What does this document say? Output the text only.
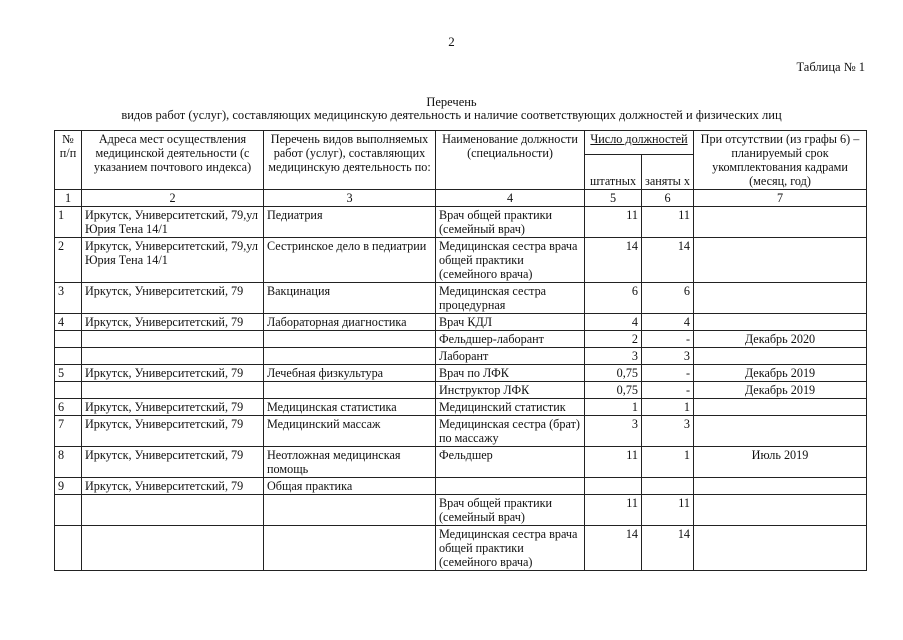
2
Таблица № 1
Перечень
видов работ (услуг), составляющих медицинскую деятельность и наличие соответствующих должностей и физических лиц
№ п/п	Адреса мест осуществления медицинской деятельности (с указанием почтового индекса)	Перечень видов выполняемых работ (услуг), составляющих медицинскую деятельность по:	Наименование должности (специальности)	Число должностей		При отсутствии (из графы 6) – планируемый срок укомплектования кадрами (месяц, год)
				штатных	заняты х	
1	2	3	4	5	6	7
1	Иркутск, Университетский, 79,ул Юрия Тена 14/1	Педиатрия	Врач общей практики (семейный врач)	11	11	
2	Иркутск, Университетский, 79,ул Юрия Тена 14/1	Сестринское дело в педиатрии	Медицинская сестра врача общей практики (семейного врача)	14	14	
3	Иркутск, Университетский, 79	Вакцинация	Медицинская сестра процедурная	6	6	
4	Иркутск, Университетский, 79	Лабораторная диагностика	Врач КДЛ	4	4	
			Фельдшер-лаборант	2	-	Декабрь 2020
			Лаборант	3	3	
5	Иркутск, Университетский, 79	Лечебная физкультура	Врач по ЛФК	0,75	-	Декабрь 2019
			Инструктор ЛФК	0,75	-	Декабрь 2019
6	Иркутск, Университетский, 79	Медицинская статистика	Медицинский статистик	1	1	
7	Иркутск, Университетский, 79	Медицинский массаж	Медицинская сестра (брат) по массажу	3	3	
8	Иркутск, Университетский, 79	Неотложная медицинская помощь	Фельдшер	11	1	Июль 2019
9	Иркутск, Университетский, 79	Общая практика				
			Врач общей практики (семейный врач)	11	11	
			Медицинская сестра врача общей практики (семейного врача)	14	14	
